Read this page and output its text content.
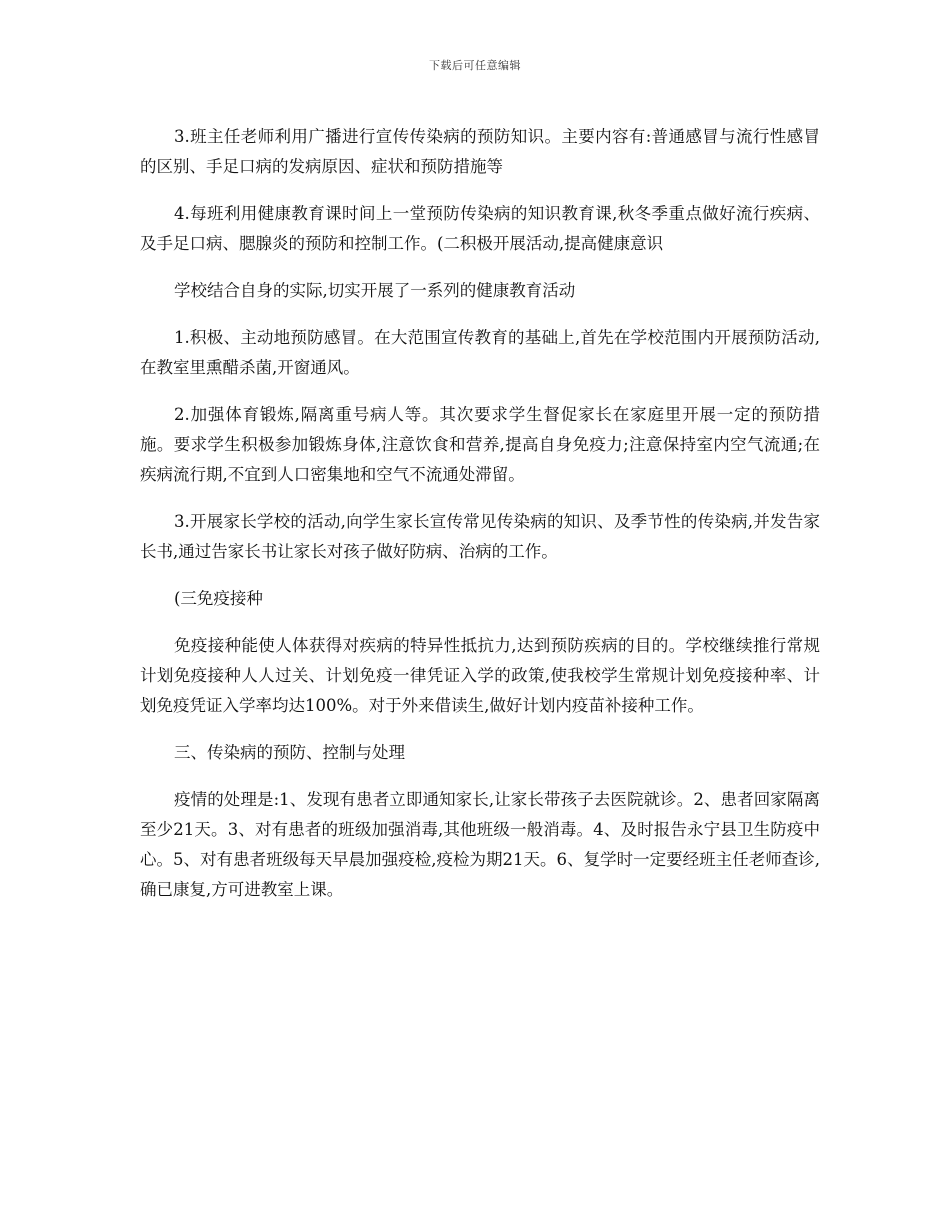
下载后可任意编辑

3.班主任老师利用广播进行宣传传染病的预防知识。主要内容有:普通感冒与流行性感冒的区别、手足口病的发病原因、症状和预防措施等

4.每班利用健康教育课时间上一堂预防传染病的知识教育课,秋冬季重点做好流行疾病、及手足口病、腮腺炎的预防和控制工作。(二积极开展活动,提高健康意识

学校结合自身的实际,切实开展了一系列的健康教育活动

1.积极、主动地预防感冒。在大范围宣传教育的基础上,首先在学校范围内开展预防活动,在教室里熏醋杀菌,开窗通风。

2.加强体育锻炼,隔离重号病人等。其次要求学生督促家长在家庭里开展一定的预防措施。要求学生积极参加锻炼身体,注意饮食和营养,提高自身免疫力;注意保持室内空气流通;在疾病流行期,不宜到人口密集地和空气不流通处滞留。

3.开展家长学校的活动,向学生家长宣传常见传染病的知识、及季节性的传染病,并发告家长书,通过告家长书让家长对孩子做好防病、治病的工作。

(三免疫接种

免疫接种能使人体获得对疾病的特异性抵抗力,达到预防疾病的目的。学校继续推行常规计划免疫接种人人过关、计划免疫一律凭证入学的政策,使我校学生常规计划免疫接种率、计划免疫凭证入学率均达100%。对于外来借读生,做好计划内疫苗补接种工作。

三、传染病的预防、控制与处理

疫情的处理是:1、发现有患者立即通知家长,让家长带孩子去医院就诊。2、患者回家隔离至少21天。3、对有患者的班级加强消毒,其他班级一般消毒。4、及时报告永宁县卫生防疫中心。5、对有患者班级每天早晨加强疫检,疫检为期21天。6、复学时一定要经班主任老师查诊,确已康复,方可进教室上课。
